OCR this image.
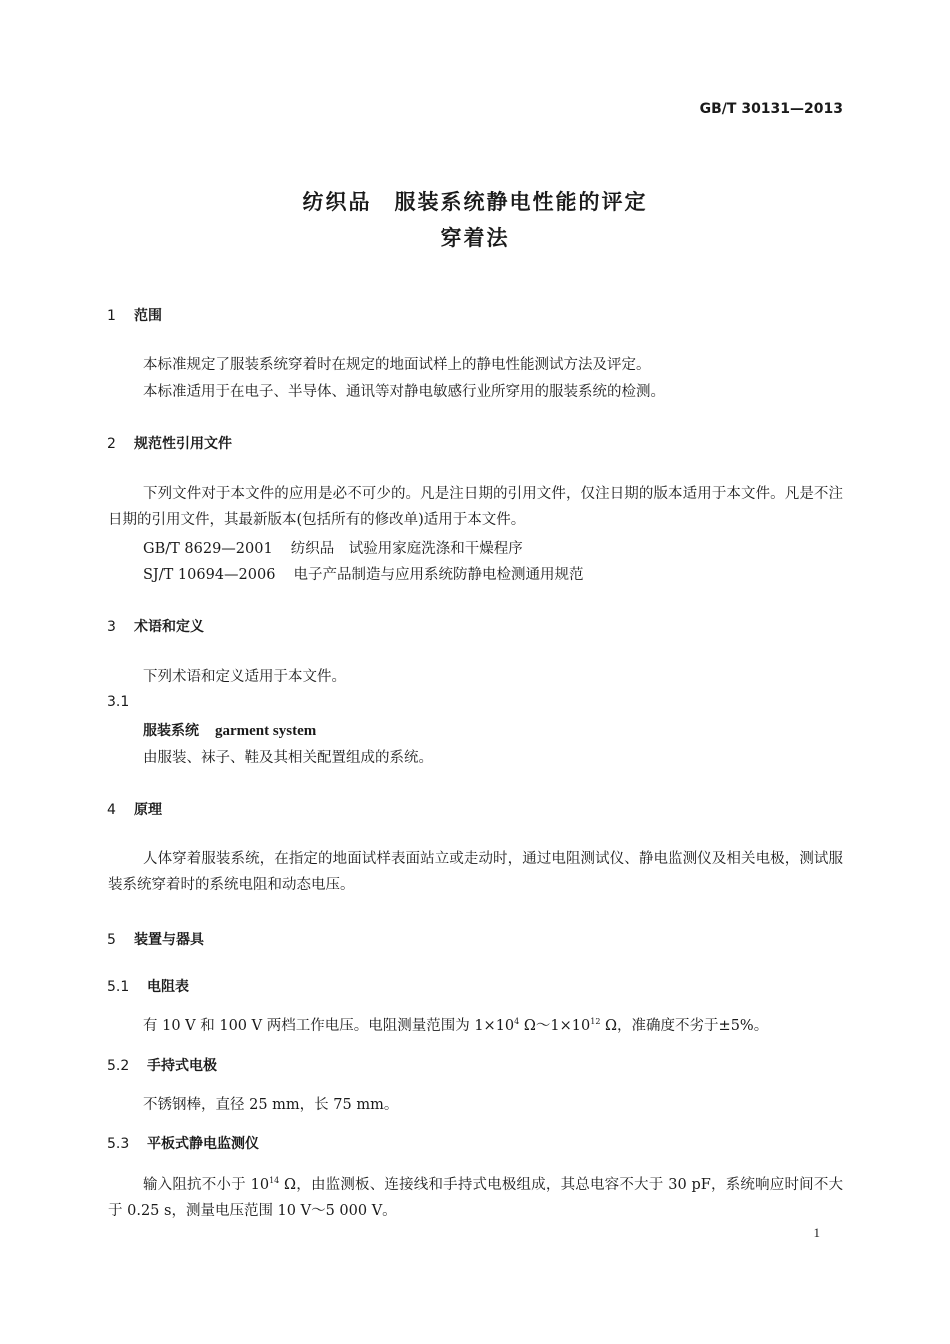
GB/T 30131—2013
纺织品　服装系统静电性能的评定
穿着法
1 范围
本标准规定了服装系统穿着时在规定的地面试样上的静电性能测试方法及评定。
本标准适用于在电子、半导体、通讯等对静电敏感行业所穿用的服装系统的检测。
2 规范性引用文件
下列文件对于本文件的应用是必不可少的。凡是注日期的引用文件，仅注日期的版本适用于本文件。凡是不注日期的引用文件，其最新版本(包括所有的修改单)适用于本文件。
GB/T 8629—2001 纺织品　试验用家庭洗涤和干燥程序
SJ/T 10694—2006 电子产品制造与应用系统防静电检测通用规范
3 术语和定义
下列术语和定义适用于本文件。
3.1
服装系统 garment system
由服装、袜子、鞋及其相关配置组成的系统。
4 原理
人体穿着服装系统，在指定的地面试样表面站立或走动时，通过电阻测试仪、静电监测仪及相关电极，测试服装系统穿着时的系统电阻和动态电压。
5 装置与器具
5.1 电阻表
有 10 V 和 100 V 两档工作电压。电阻测量范围为 $1\times 10^4$ $\Omega\sim 1\times 10^{12}$ Ω，准确度不劣于±5%。
5.2 手持式电极
不锈钢棒，直径 25 mm，长 75 mm。
5.3 平板式静电监测仪
输入阻抗不小于 $10^{14}$ Ω，由监测板、连接线和手持式电极组成，其总电容不大于 30 pF，系统响应时间不大于 0.25 s，测量电压范围 10 V～5 000 V。
1
